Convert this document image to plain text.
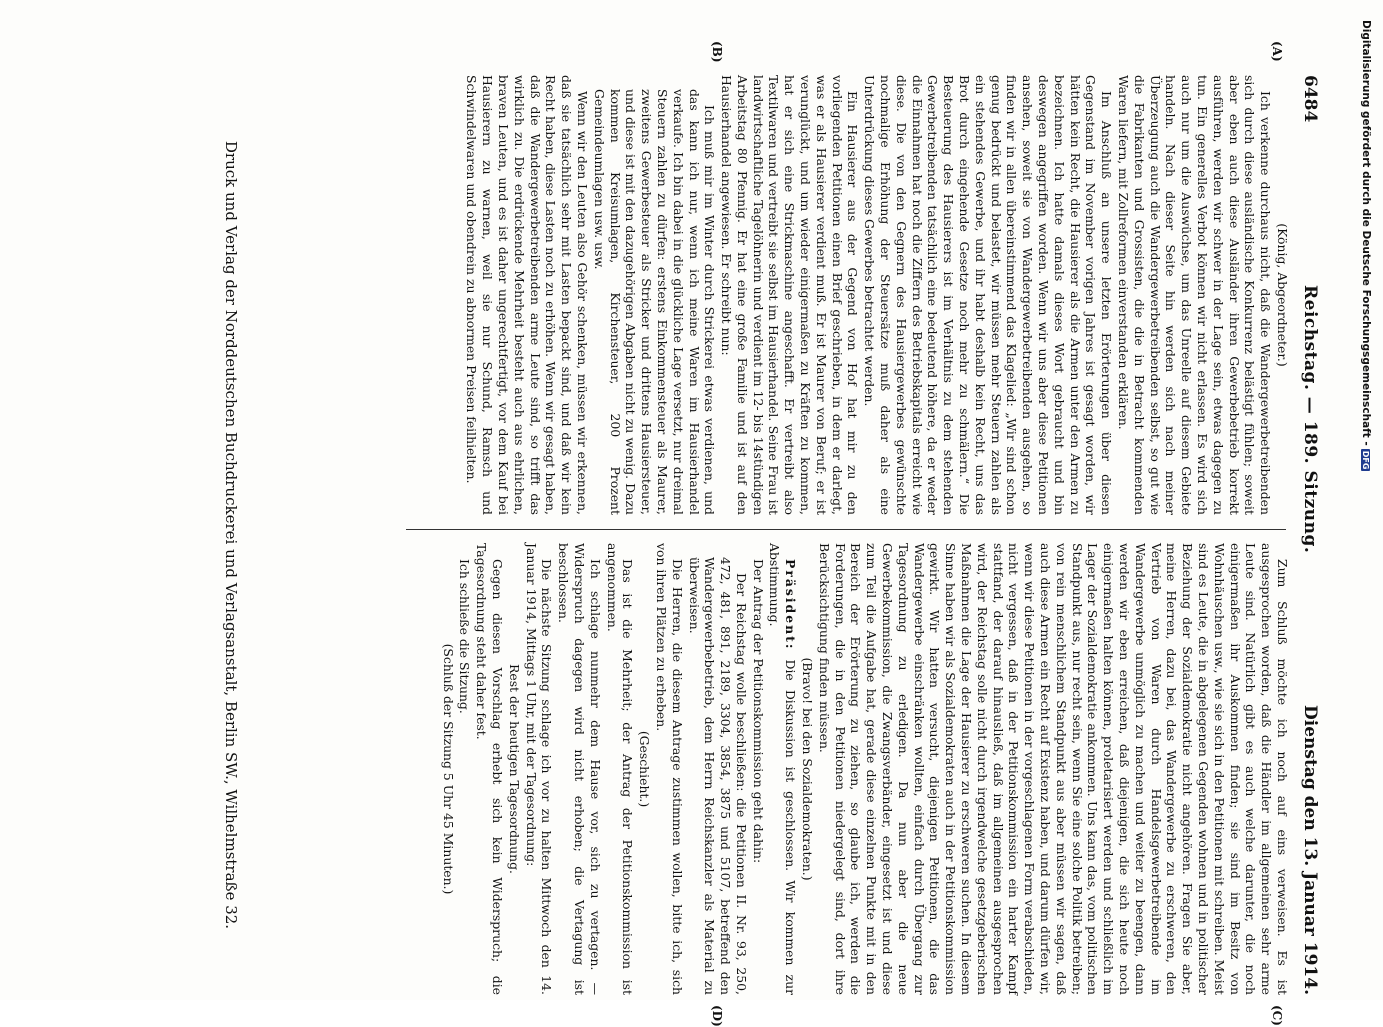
6484
Reichstag. — 189. Sitzung.
Dienstag den 13. Januar 1914.
(A)
(B)
(C)
(D)

(König, Abgeordneter.)

Ich verkenne durchaus nicht, daß die Wandergewerbetreibenden sich durch diese ausländische Konkurrenz belästigt fühlen; soweit aber eben auch diese Ausländer ihren Gewerbebetrieb korrekt ausführen, werden wir schwer in der Lage sein, etwas dagegen zu tun. Ein generelles Verbot können wir nicht erlassen. Es wird sich auch nur um die Auswüchse, um das Unreelle auf diesem Gebiete handeln. Nach dieser Seite hin werden sich nach meiner Überzeugung auch die Wandergewerbetreibenden selbst, so gut wie die Fabrikanten und Grossisten, die die in Betracht kommenden Waren liefern, mit Zollreformen einverstanden erklären.

Im Anschluß an unsere letzten Erörterungen über diesen Gegenstand im November vorigen Jahres ist gesagt worden, wir hätten kein Recht, die Hausierer als die Armen unter den Armen zu bezeichnen. Ich hatte damals dieses Wort gebraucht und bin deswegen angegriffen worden. Wenn wir uns aber diese Petitionen ansehen, soweit sie von Wandergewerbetreibenden ausgehen, so finden wir in allen übereinstimmend das Klagelied: „Wir sind schon genug bedrückt und belastet, wir müssen mehr Steuern zahlen als ein stehendes Gewerbe, und ihr habt deshalb kein Recht, uns das Brot durch eingehende Gesetze noch mehr zu schmälern.“ Die Besteuerung des Hausierers ist im Verhältnis zu dem stehenden Gewerbetreibenden tatsächlich eine bedeutend höhere, da er weder die Einnahmen hat noch die Ziffern des Betriebskapitals erreicht wie diese. Die von den Gegnern des Hausiergewerbes gewünschte nochmalige Erhöhung der Steuersätze muß daher als eine Unterdrückung dieses Gewerbes betrachtet werden.

Ein Hausierer aus der Gegend von Hof hat mir zu den vorliegenden Petitionen einen Brief geschrieben, in dem er darlegt, was er als Hausierer verdient muß. Er ist Maurer von Beruf; er ist verunglückt, und um wieder einigermaßen zu Kräften zu kommen, hat er sich eine Strickmaschine angeschafft. Er vertreibt also Textilwaren und vertreibt sie selbst im Hausierhandel. Seine Frau ist landwirtschaftliche Tagelöhnerin und verdient im 12- bis 14stündigen Arbeitstag 80 Pfennig. Er hat eine große Familie und ist auf den Hausierhandel angewiesen. Er schreibt nun:

Ich muß mir im Winter durch Strickerei etwas verdienen, und das kann ich nur, wenn ich meine Waren im Hausierhandel verkaufe. Ich bin dabei in die glückliche Lage versetzt, nur dreimal Steuern zahlen zu dürfen: erstens Einkommensteuer als Maurer, zweitens Gewerbesteuer als Stricker und drittens Hausiersteuer, und diese ist mit den dazugehörigen Abgaben nicht zu wenig. Dazu kommen Kreisumlagen, Kirchensteuer, 200 Prozent Gemeindeumlagen usw. usw.

Wenn wir den Leuten also Gehör schenken, müssen wir erkennen, daß sie tatsächlich sehr mit Lasten bepackt sind, und daß wir kein Recht haben, diese Lasten noch zu erhöhen. Wenn wir gesagt haben, daß die Wandergewerbetreibenden arme Leute sind, so trifft das wirklich zu. Die erdrückende Mehrheit besteht auch aus ehrlichen, braven Leuten, und es ist daher ungerechtfertigt, vor dem Kauf bei Hausierern zu warnen, weil sie nur Schund, Ramsch und Schwindelwaren und obendrein zu abnormen Preisen feilhielten.

Zum Schluß möchte ich noch auf eins verweisen. Es ist ausgesprochen worden, daß die Händler im allgemeinen sehr arme Leute sind. Natürlich gibt es auch welche darunter, die noch einigermaßen ihr Auskommen finden; sie sind im Besitz von Wohnhäuschen usw., wie sie sich in den Petitionen mit schreiben. Meist sind es Leute, die in abgelegenen Gegenden wohnen und in politischer Beziehung der Sozialdemokratie nicht angehören. Fragen Sie aber, meine Herren, dazu bei, das Wandergewerbe zu erschweren, den Vertrieb von Waren durch Handelsgewerbetreibende im Wandergewerbe unmöglich zu machen und weiter zu beengen, dann werden wir eben erreichen, daß diejenigen, die sich heute noch einigermaßen halten können, proletarisiert werden und schließlich im Lager der Sozialdemokratie ankommen. Uns kann das, vom politischen Standpunkt aus, nur recht sein, wenn Sie eine solche Politik betreiben; von rein menschlichem Standpunkt aus aber müssen wir sagen, daß auch diese Armen ein Recht auf Existenz haben, und darum dürfen wir, wenn wir diese Petitionen in der vorgeschlagenen Form verabschieden, nicht vergessen, daß in der Petitionskommission ein harter Kampf stattfand, der darauf hinausließ, daß im allgemeinen ausgesprochen wird, der Reichstag solle nicht durch irgendwelche gesetzgeberischen Maßnahmen die Lage der Hausierer zu erschweren suchen. In diesem Sinne haben wir als Sozialdemokraten auch in der Petitionskommission gewirkt. Wir hatten versucht, diejenigen Petitionen, die das Wandergewerbe einschränken wollten, einfach durch Übergang zur Tagesordnung zu erledigen. Da nun aber die neue Gewerbekommission, die Zwangsverbänder, eingesetzt ist und diese zum Teil die Aufgabe hat, gerade diese einzelnen Punkte mit in den Bereich der Erörterung zu ziehen, so glaube ich, werden die Forderungen, die in den Petitionen niedergelegt sind, dort ihre Berücksichtigung finden müssen.

(Bravo! bei den Sozialdemokraten.)

Präsident: Die Diskussion ist geschlossen. Wir kommen zur Abstimmung.

Der Antrag der Petitionskommission geht dahin:

Der Reichstag wolle beschließen: die Petitionen II. Nr. 93, 250, 472, 481, 891, 2189, 3304, 3854, 3875 und 5107, betreffend den Wandergewerbebetrieb, dem Herrn Reichskanzler als Material zu überweisen.

Die Herren, die diesem Antrage zustimmen wollen, bitte ich, sich von ihren Plätzen zu erheben.

(Geschieht.)

Das ist die Mehrheit; der Antrag der Petitionskommission ist angenommen.

Ich schlage nunmehr dem Hause vor, sich zu vertagen. — Widerspruch dagegen wird nicht erhoben; die Vertagung ist beschlossen.

Die nächste Sitzung schlage ich vor zu halten Mittwoch den 14. Januar 1914, Mittags 1 Uhr, mit der Tagesordnung:

Rest der heutigen Tagesordnung.

Gegen diesen Vorschlag erhebt sich kein Widerspruch; die Tagesordnung steht daher fest.

Ich schließe die Sitzung.

(Schluß der Sitzung 5 Uhr 45 Minuten.)

Druck und Verlag der Norddeutschen Buchdruckerei und Verlagsanstalt, Berlin SW., Wilhelmstraße 32.	Digitalisierung gefördert durch die Deutsche Forschungsgemeinschaft -DFG
